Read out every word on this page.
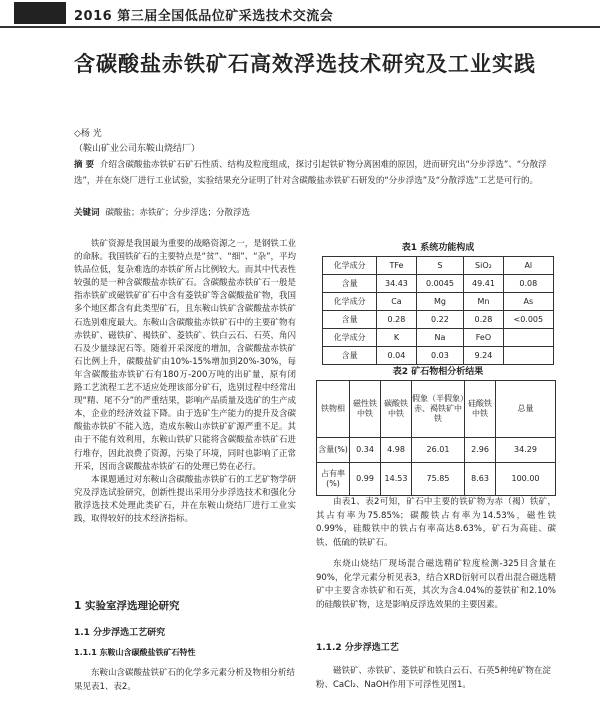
2016 第三届全国低品位矿采选技术交流会
含碳酸盐赤铁矿石高效浮选技术研究及工业实践
◇杨 光
（鞍山矿业公司东鞍山烧结厂）
摘 要 介绍含碳酸盐赤铁矿石矿石性质、结构及粒度组成，探讨引起铁矿物分离困难的原因，进而研究出“分步浮选”、“分散浮选”，并在东烧厂进行工业试验，实验结果充分证明了针对含碳酸盐赤铁矿石研发的“分步浮选”及“分散浮选”工艺是可行的。
关键词 碳酸盐；赤铁矿；分步浮选；分散浮选

铁矿资源是我国最为重要的战略资源之一，是钢铁工业的命脉。我国铁矿石的主要特点是“贫”、“细”、“杂”，平均铁品位低，复杂难选的赤铁矿所占比例较大。而其中代表性较强的是一种含碳酸盐赤铁矿石。含碳酸盐赤铁矿石一般是指赤铁矿或磁铁矿矿石中含有菱铁矿等含碳酸盐矿物，我国多个地区都含有此类型矿石，且东鞍山铁矿含碳酸盐赤铁矿石选别难度最大。东鞍山含碳酸盐赤铁矿石中的主要矿物有赤铁矿、磁铁矿、褐铁矿、菱铁矿、铁白云石、石英、角闪石及少量绿泥石等。随着开采深度的增加，含碳酸盐赤铁矿石比例上升，碳酸盐矿由10%-15%增加到20%-30%，每年含碳酸盐赤铁矿石有180万-200万吨的出矿量，原有闭路工艺流程工艺不适应处理该部分矿石，选别过程中经常出现“精、尾不分”的严重结果，影响产品质量及选矿的生产成本，企业的经济效益下降。由于选矿生产能力的提升及含碳酸盐赤铁矿不能入选，造成东鞍山赤铁矿矿源严重不足。其由于不能有效利用，东鞍山铁矿只能将含碳酸盐赤铁矿石进行堆存，因此浪费了资源，污染了环境，同时也影响了正常开采，因而含碳酸盐赤铁矿石的处理已势在必行。

本课题通过对东鞍山含碳酸盐赤铁矿石的工艺矿物学研究及浮选试验研究，创新性提出采用分步浮选技术和强化分散浮选技术处理此类矿石，并在东鞍山烧结厂进行工业实践，取得较好的技术经济指标。

1 实验室浮选理论研究
1.1 分步浮选工艺研究
1.1.1 东鞍山含碳酸盐铁矿石特性
东鞍山含碳酸盐铁矿石的化学多元素分析及物相分析结果见表1、表2。
表1 系统功能构成
化学成分	TFe	S	SiO₂	Al
含量	34.43	0.0045	49.41	0.08
化学成分	Ca	Mg	Mn	As
含量	0.28	0.22	0.28	<0.005
化学成分	K	Na	FeO	
含量	0.04	0.03	9.24	
表2 矿石物相分析结果
铁物相	磁性铁中铁	碳酸铁中铁	假象（半假象）赤、褐铁矿中铁	硅酸铁中铁	总量
含量(%)	0.34	4.98	26.01	2.96	34.29
占有率(%)	0.99	14.53	75.85	8.63	100.00

由表1、表2可知，矿石中主要的铁矿物为赤（褐）铁矿，其占有率为75.85%；碳酸铁占有率为14.53%，磁性铁0.99%，硅酸铁中的铁占有率高达8.63%，矿石为高硅、碳铁、低硫的铁矿石。

东烧山烧结厂现场混合磁选精矿粒度检测-325目含量在90%，化学元素分析见表3，结合XRD衍射可以看出混合磁选精矿中主要含赤铁矿和石英，其次为含4.04%的菱铁矿和2.10%的硅酸铁矿物，这是影响反浮选效果的主要因素。

1.1.2 分步浮选工艺
磁铁矿、赤铁矿、菱铁矿和铁白云石、石英5种纯矿物在淀粉、CaCl₂、NaOH作用下可浮性见图1。
